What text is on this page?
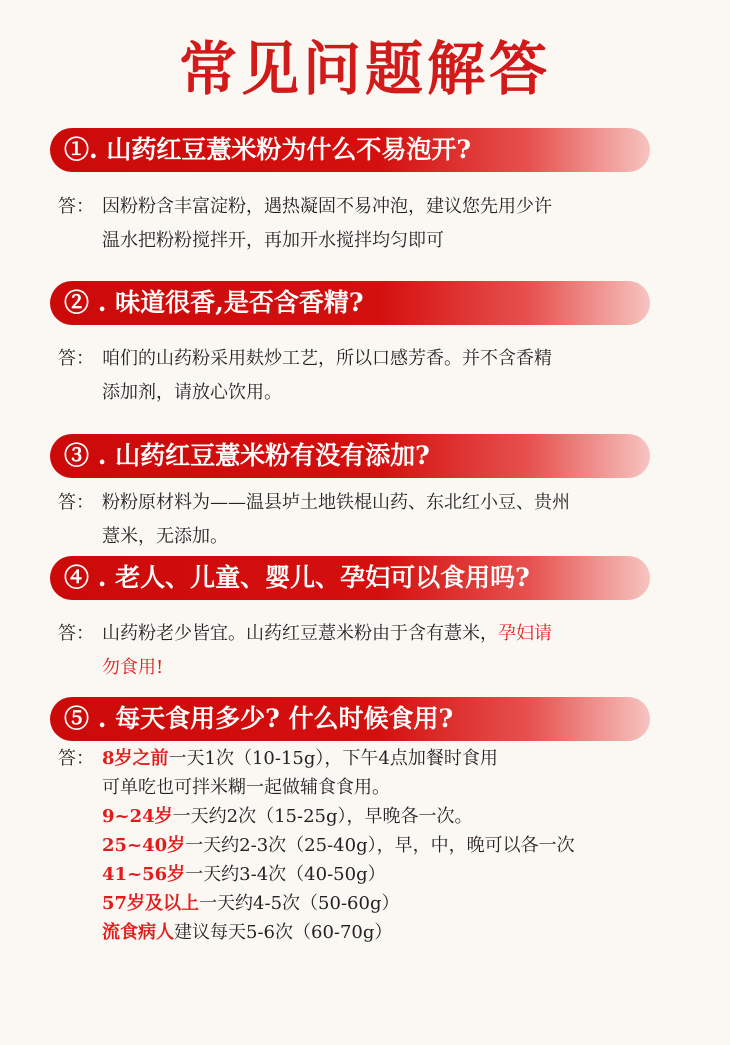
常见问题解答
①. 山药红豆薏米粉为什么不易泡开?
答： 因粉粉含丰富淀粉，遇热凝固不易冲泡，建议您先用少许
温水把粉粉搅拌开，再加开水搅拌均匀即可
② . 味道很香,是否含香精?
答： 咱们的山药粉采用麸炒工艺，所以口感芳香。并不含香精
添加剂，请放心饮用。
③ . 山药红豆薏米粉有没有添加?
答： 粉粉原材料为——温县垆土地铁棍山药、东北红小豆、贵州
薏米，无添加。
④ . 老人、儿童、婴儿、孕妇可以食用吗?
答： 山药粉老少皆宜。山药红豆薏米粉由于含有薏米，孕妇请
勿食用!
⑤ . 每天食用多少? 什么时候食用?
答： 8岁之前一天1次（10-15g），下午4点加餐时食用
可单吃也可拌米糊一起做辅食食用。
9~24岁一天约2次（15-25g），早晚各一次。
25~40岁一天约2-3次（25-40g），早，中，晚可以各一次
41~56岁一天约3-4次（40-50g）
57岁及以上一天约4-5次（50-60g）
流食病人建议每天5-6次（60-70g）
